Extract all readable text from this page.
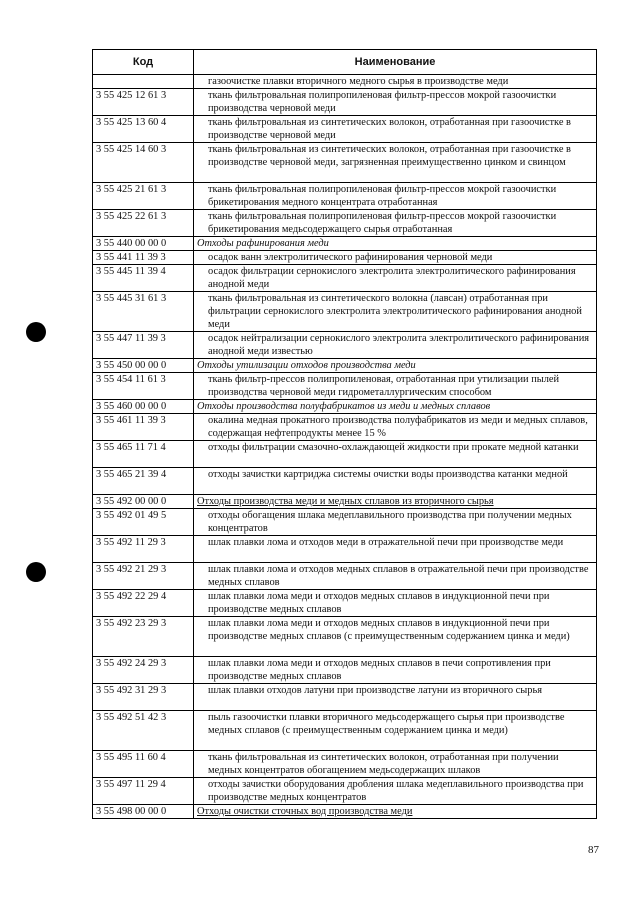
Код	Наименование
	газоочистке плавки вторичного медного сырья в производстве меди
3 55 425 12 61 3	ткань фильтровальная полипропиленовая фильтр-прессов мокрой газоочистки производства черновой меди
3 55 425 13 60 4	ткань фильтровальная из синтетических волокон, отработанная при газоочистке в производстве черновой меди
3 55 425 14 60 3	ткань фильтровальная из синтетических волокон, отработанная при газоочистке в производстве черновой меди, загрязненная преимущественно цинком и свинцом
3 55 425 21 61 3	ткань фильтровальная полипропиленовая фильтр-прессов мокрой газоочистки брикетирования медного концентрата отработанная
3 55 425 22 61 3	ткань фильтровальная полипропиленовая фильтр-прессов мокрой газоочистки брикетирования медьсодержащего сырья отработанная
3 55 440 00 00 0	Отходы рафинирования меди
3 55 441 11 39 3	осадок ванн электролитического рафинирования черновой меди
3 55 445 11 39 4	осадок фильтрации сернокислого электролита электролитического рафинирования анодной меди
3 55 445 31 61 3	ткань фильтровальная из синтетического волокна (лавсан) отработанная при фильтрации сернокислого электролита электролитического рафинирования анодной меди
3 55 447 11 39 3	осадок нейтрализации сернокислого электролита электролитического рафинирования анодной меди известью
3 55 450 00 00 0	Отходы утилизации отходов производства меди
3 55 454 11 61 3	ткань фильтр-прессов полипропиленовая, отработанная при утилизации пылей производства черновой меди гидрометаллургическим способом
3 55 460 00 00 0	Отходы производства полуфабрикатов из меди и медных сплавов
3 55 461 11 39 3	окалина медная прокатного производства полуфабрикатов из меди и медных сплавов, содержащая нефтепродукты менее 15 %
3 55 465 11 71 4	отходы фильтрации смазочно-охлаждающей жидкости при прокате медной катанки
3 55 465 21 39 4	отходы зачистки картриджа системы очистки воды производства катанки медной
3 55 492 00 00 0	Отходы производства меди и медных сплавов из вторичного сырья
3 55 492 01 49 5	отходы обогащения шлака медеплавильного производства при получении медных концентратов
3 55 492 11 29 3	шлак плавки лома и отходов меди в отражательной печи при производстве меди
3 55 492 21 29 3	шлак плавки лома и отходов медных сплавов в отражательной печи при производстве медных сплавов
3 55 492 22 29 4	шлак плавки лома меди и отходов медных сплавов в индукционной печи при производстве медных сплавов
3 55 492 23 29 3	шлак плавки лома меди и отходов медных сплавов в индукционной печи при производстве медных сплавов (с преимущественным содержанием цинка и меди)
3 55 492 24 29 3	шлак плавки лома меди и отходов медных сплавов в печи сопротивления при производстве медных сплавов
3 55 492 31 29 3	шлак плавки отходов латуни при производстве латуни из вторичного сырья
3 55 492 51 42 3	пыль газоочистки плавки вторичного медьсодержащего сырья при производстве медных сплавов (с преимущественным содержанием цинка и меди)
3 55 495 11 60 4	ткань фильтровальная из синтетических волокон, отработанная при получении медных концентратов обогащением медьсодержащих шлаков
3 55 497 11 29 4	отходы зачистки оборудования дробления шлака медеплавильного производства при производстве медных концентратов
3 55 498 00 00 0	Отходы очистки сточных вод производства меди
87
